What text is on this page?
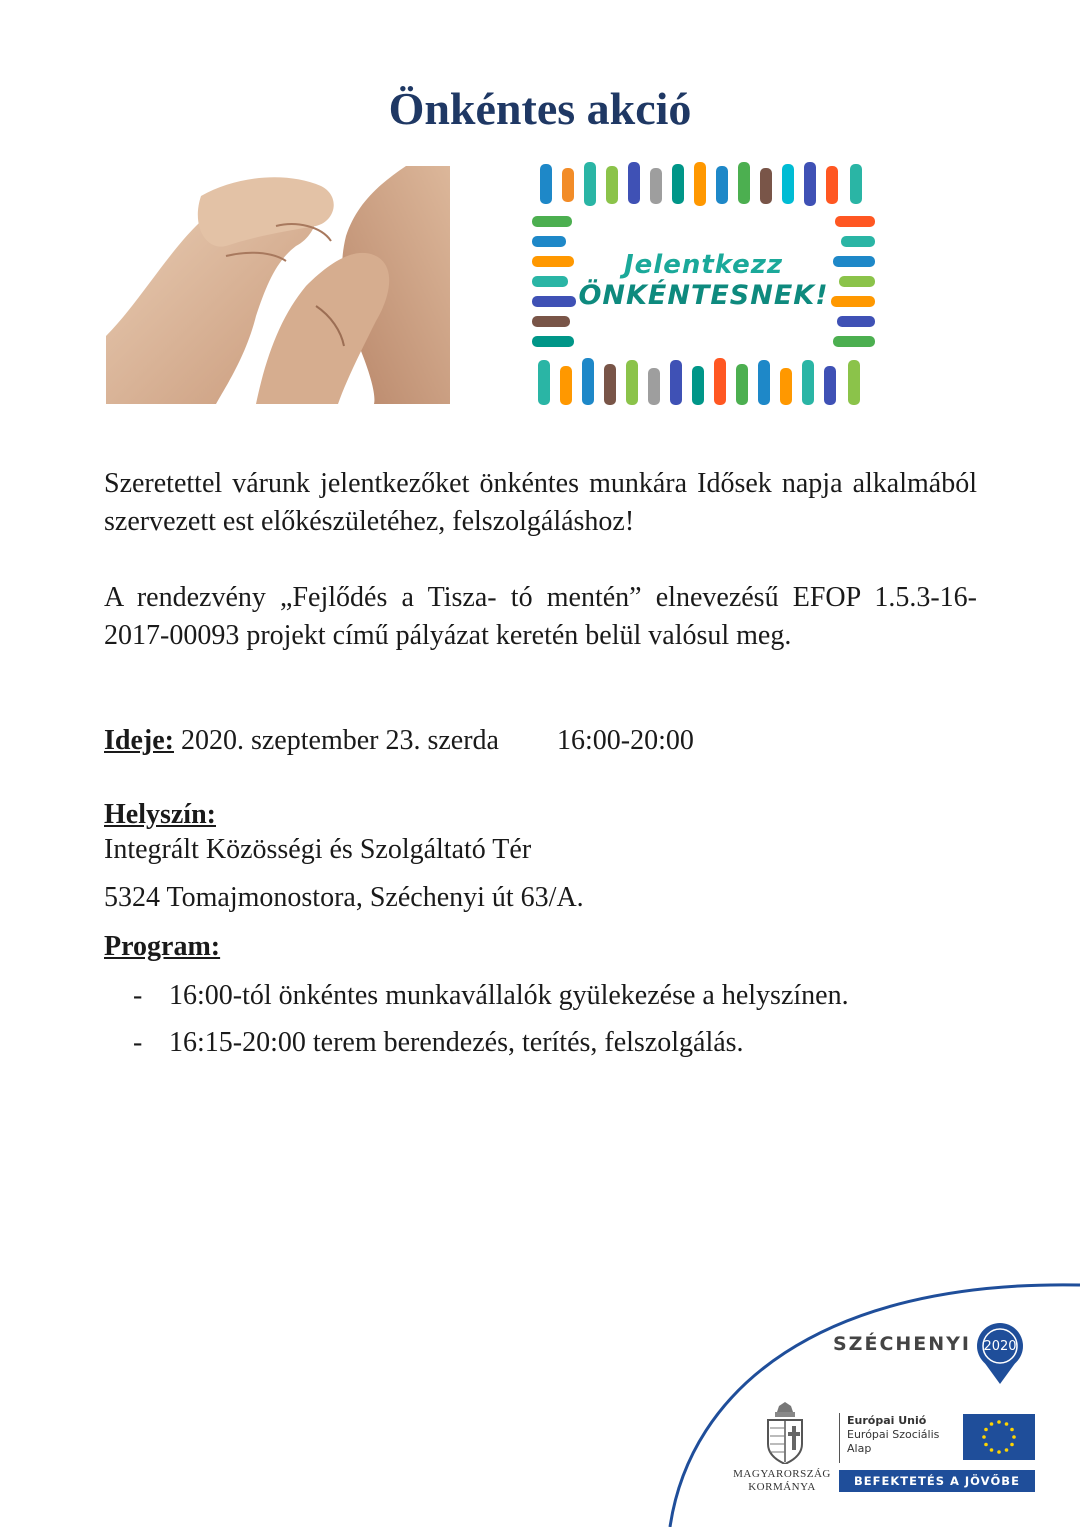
Önkéntes akció
Jelentkezz
ÖNKÉNTESNEK!

Szeretettel várunk jelentkezőket önkéntes munkára Idősek napja alkalmából szervezett est előkészületéhez, felszolgáláshoz!

A rendezvény „Fejlődés a Tisza- tó mentén” elnevezésű EFOP 1.5.3-16-2017-00093 projekt című pályázat keretén belül valósul meg.

Ideje: 2020. szeptember 23. szerda 16:00-20:00

Helyszín:

Integrált Közösségi és Szolgáltató Tér

5324 Tomajmonostora, Széchenyi út 63/A.

Program:

- 16:00-tól önkéntes munkavállalók gyülekezése a helyszínen.
- 16:15-20:00 terem berendezés, terítés, felszolgálás.
SZÉCHENYI 2020
MAGYARORSZÁG
KORMÁNYA
Európai Unió
Európai Szociális
Alap
BEFEKTETÉS A JÖVŐBE
